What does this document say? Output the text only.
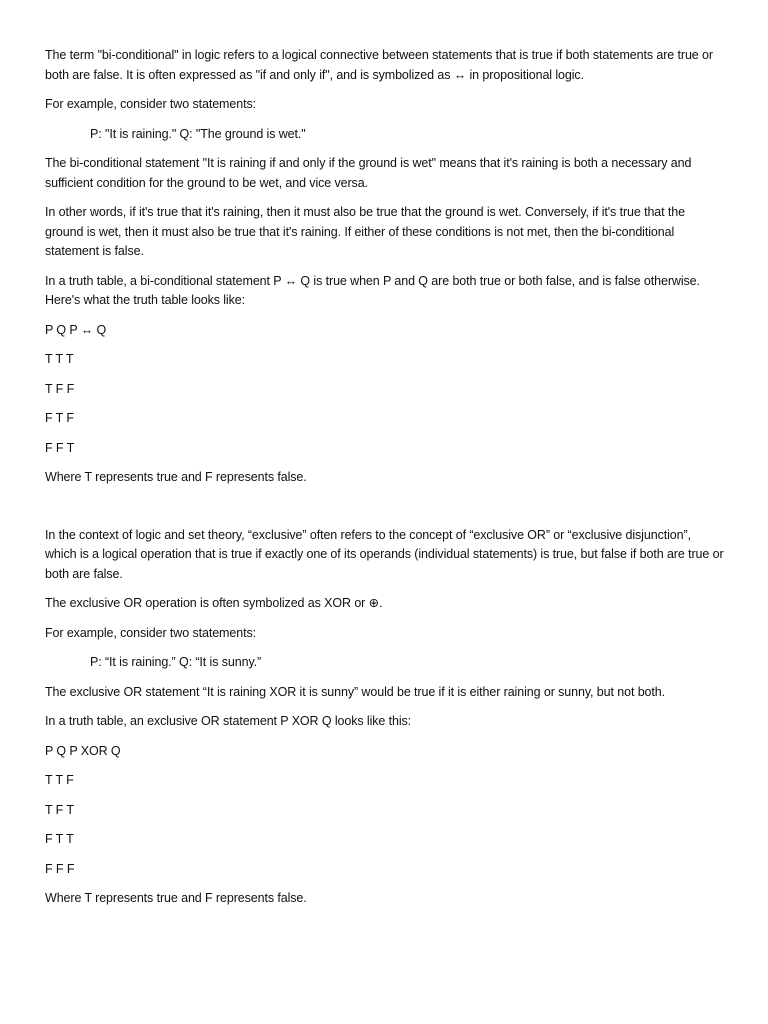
The term "bi-conditional" in logic refers to a logical connective between statements that is true if both statements are true or both are false. It is often expressed as "if and only if", and is symbolized as ↔ in propositional logic.

For example, consider two statements:

P: "It is raining." Q: "The ground is wet."

The bi-conditional statement "It is raining if and only if the ground is wet" means that it's raining is both a necessary and sufficient condition for the ground to be wet, and vice versa.

In other words, if it's true that it's raining, then it must also be true that the ground is wet. Conversely, if it's true that the ground is wet, then it must also be true that it's raining. If either of these conditions is not met, then the bi-conditional statement is false.

In a truth table, a bi-conditional statement P ↔ Q is true when P and Q are both true or both false, and is false otherwise. Here's what the truth table looks like:

P Q P ↔ Q

T T T

T F F

F T F

F F T

Where T represents true and F represents false.

In the context of logic and set theory, “exclusive” often refers to the concept of “exclusive OR” or “exclusive disjunction”, which is a logical operation that is true if exactly one of its operands (individual statements) is true, but false if both are true or both are false.

The exclusive OR operation is often symbolized as XOR or ⊕.

For example, consider two statements:

P: “It is raining.” Q: “It is sunny.”

The exclusive OR statement “It is raining XOR it is sunny” would be true if it is either raining or sunny, but not both.

In a truth table, an exclusive OR statement P XOR Q looks like this:

P Q P XOR Q

T T F

T F T

F T T

F F F

Where T represents true and F represents false.
